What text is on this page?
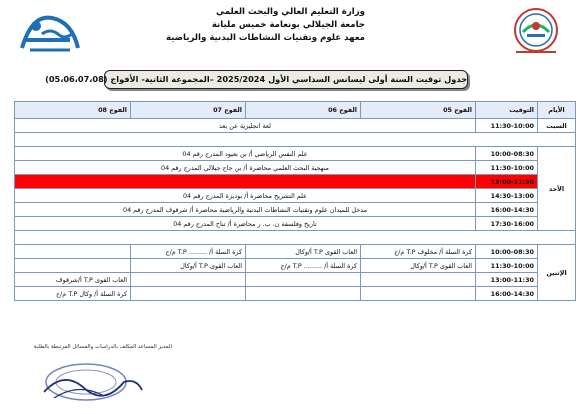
وزارة التعليم العالي والبحث العلمي
جامعة الجيلالي بونعامة خميس مليانة
معهد علوم وتقنيات النشاطات البدنية والرياضية
جدول توقيت السنة أولى ليسانس السداسي الأول 2025/2024 –المجموعة الثانية- الأفواج (05،06،07،08)
الأيام	التوقيت	الفوج 05	الفوج 06	الفوج 07	الفوج 08
السبت	11:30-10:00	لغة انجليزية عن بعد			

الأحد	10:00-08:30	علم النفس الرياضي أ/ بن بعيود المدرج رقم 04			
	11:30-10:00	منهجية البحث العلمي محاضرة أ/ بن حاج جيلالي المدرج رقم 04			
	13:00-11:30				
	14:30-13:00	علم التشريح محاضرة أ/ بوديزة المدرج رقم 04			
	16:00-14:30	مدخل للميدان علوم وتقنيات النشاطات البدنية والرياضية محاضرة أ/ شرقوف المدرج رقم 04			
	17:30-16:00	تاريخ وفلسفة ن. ب. ر محاضرة أ/ تناح المدرج رقم 04			

الإثنين	10:00-08:30	كرة السلة أ/ مخلوف T.P م/ج	العاب القوى T.P أ/وكال	كرة السلة أ/ ......... T.P م/ج	
	11:30-10:00	العاب القوى T.P أ/وكال	كرة السلة أ/ ......... T.P م/ج	العاب القوى T.P أ/وكال	
	13:00-11:30				العاب القوى T.P أ/شرقوف
	16:00-14:30				كرة السلة أ/ وكال T.P م/ج
المدير المساعد المكلف بالدراسات والمسائل المرتبطة بالطلبة
